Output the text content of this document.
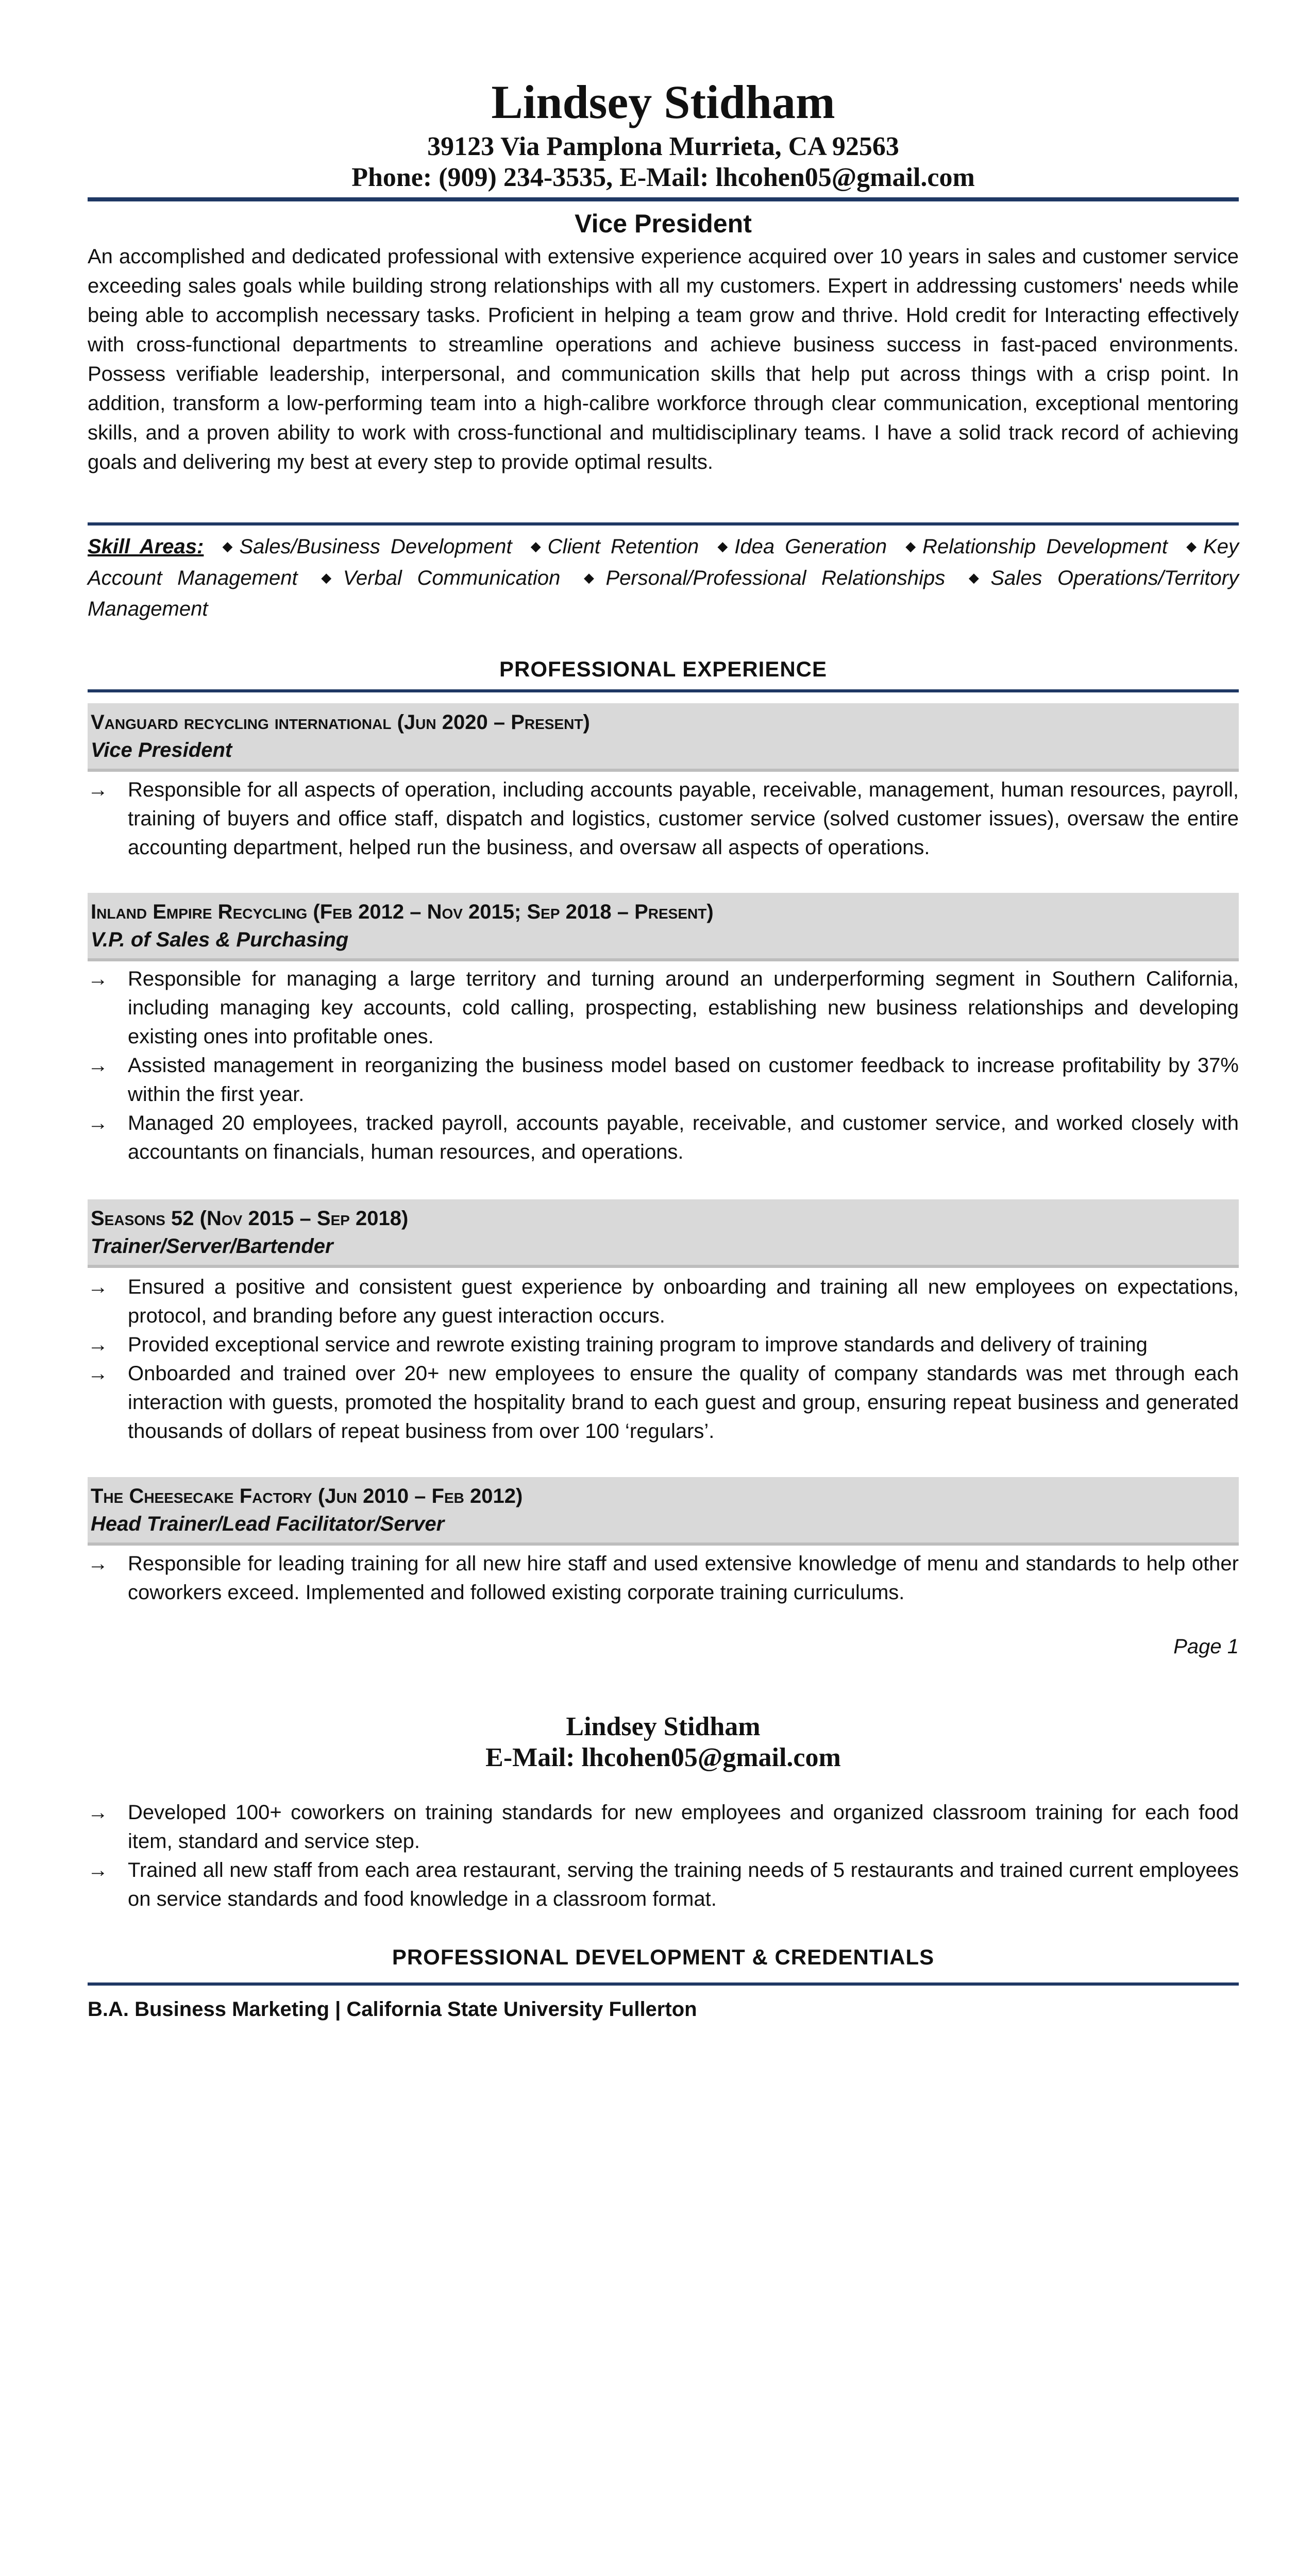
Lindsey Stidham
39123 Via Pamplona Murrieta, CA 92563
Phone: (909) 234-3535, E-Mail: lhcohen05@gmail.com
Vice President
An accomplished and dedicated professional with extensive experience acquired over 10 years in sales and customer service exceeding sales goals while building strong relationships with all my customers. Expert in addressing customers' needs while being able to accomplish necessary tasks. Proficient in helping a team grow and thrive. Hold credit for Interacting effectively with cross-functional departments to streamline operations and achieve business success in fast-paced environments. Possess verifiable leadership, interpersonal, and communication skills that help put across things with a crisp point. In addition, transform a low-performing team into a high-calibre workforce through clear communication, exceptional mentoring skills, and a proven ability to work with cross-functional and multidisciplinary teams. I have a solid track record of achieving goals and delivering my best at every step to provide optimal results.
Skill Areas: ◆ Sales/Business Development ◆ Client Retention ◆ Idea Generation ◆ Relationship Development ◆ Key Account Management ◆ Verbal Communication ◆ Personal/Professional Relationships ◆ Sales Operations/Territory Management
PROFESSIONAL EXPERIENCE
Vanguard recycling international (Jun 2020 – Present)
Vice President
→ Responsible for all aspects of operation, including accounts payable, receivable, management, human resources, payroll, training of buyers and office staff, dispatch and logistics, customer service (solved customer issues), oversaw the entire accounting department, helped run the business, and oversaw all aspects of operations.
Inland Empire Recycling (Feb 2012 – Nov 2015; Sep 2018 – Present)
V.P. of Sales & Purchasing
→ Responsible for managing a large territory and turning around an underperforming segment in Southern California, including managing key accounts, cold calling, prospecting, establishing new business relationships and developing existing ones into profitable ones.
→ Assisted management in reorganizing the business model based on customer feedback to increase profitability by 37% within the first year.
→ Managed 20 employees, tracked payroll, accounts payable, receivable, and customer service, and worked closely with accountants on financials, human resources, and operations.
Seasons 52 (Nov 2015 – Sep 2018)
Trainer/Server/Bartender
→ Ensured a positive and consistent guest experience by onboarding and training all new employees on expectations, protocol, and branding before any guest interaction occurs.
→ Provided exceptional service and rewrote existing training program to improve standards and delivery of training
→ Onboarded and trained over 20+ new employees to ensure the quality of company standards was met through each interaction with guests, promoted the hospitality brand to each guest and group, ensuring repeat business and generated thousands of dollars of repeat business from over 100 ‘regulars’.
The Cheesecake Factory (Jun 2010 – Feb 2012)
Head Trainer/Lead Facilitator/Server
→ Responsible for leading training for all new hire staff and used extensive knowledge of menu and standards to help other coworkers exceed. Implemented and followed existing corporate training curriculums.
Page 1
Lindsey Stidham
E-Mail: lhcohen05@gmail.com
→ Developed 100+ coworkers on training standards for new employees and organized classroom training for each food item, standard and service step.
→ Trained all new staff from each area restaurant, serving the training needs of 5 restaurants and trained current employees on service standards and food knowledge in a classroom format.
PROFESSIONAL DEVELOPMENT & CREDENTIALS
B.A. Business Marketing | California State University Fullerton
